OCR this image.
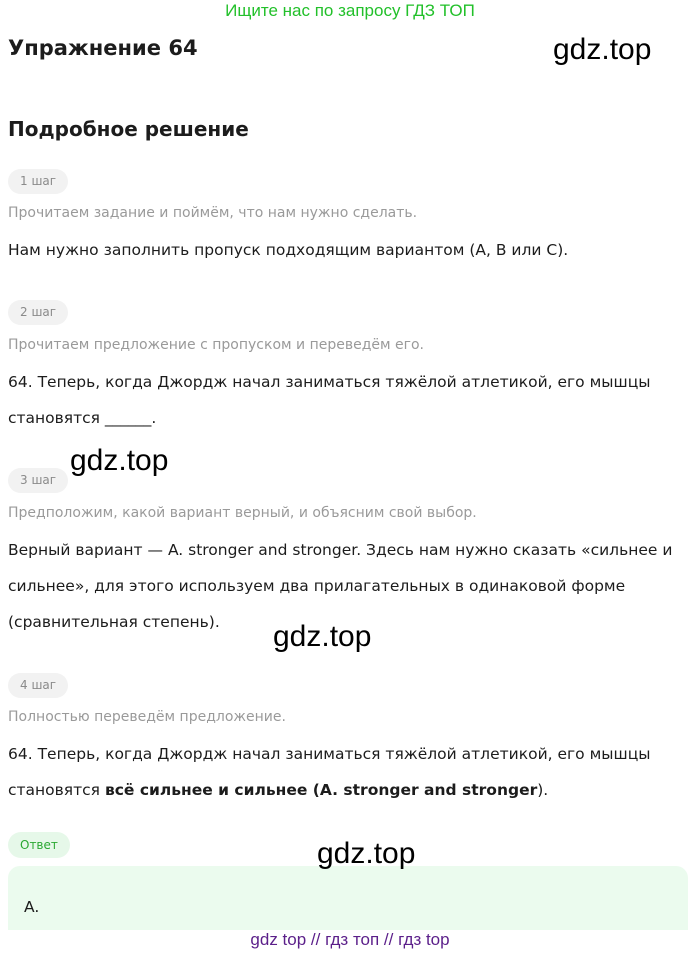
Ищите нас по запросу ГДЗ ТОП
Упражнение 64	gdz.top
Подробное решение
1 шаг
Прочитаем задание и поймём, что нам нужно сделать.
Нам нужно заполнить пропуск подходящим вариантом (A, B или C).
2 шаг
Прочитаем предложение с пропуском и переведём его.
64. Теперь, когда Джордж начал заниматься тяжёлой атлетикой, его мышцы становятся ______.
gdz.top
3 шаг
Предположим, какой вариант верный, и объясним свой выбор.
Верный вариант — A. stronger and stronger. Здесь нам нужно сказать «сильнее и сильнее», для этого используем два прилагательных в одинаковой форме (сравнительная степень).	gdz.top
4 шаг
Полностью переведём предложение.
64. Теперь, когда Джордж начал заниматься тяжёлой атлетикой, его мышцы становятся всё сильнее и сильнее (A. stronger and stronger).
Ответ
A.
gdz.top
gdz top // гдз топ // гдз top
